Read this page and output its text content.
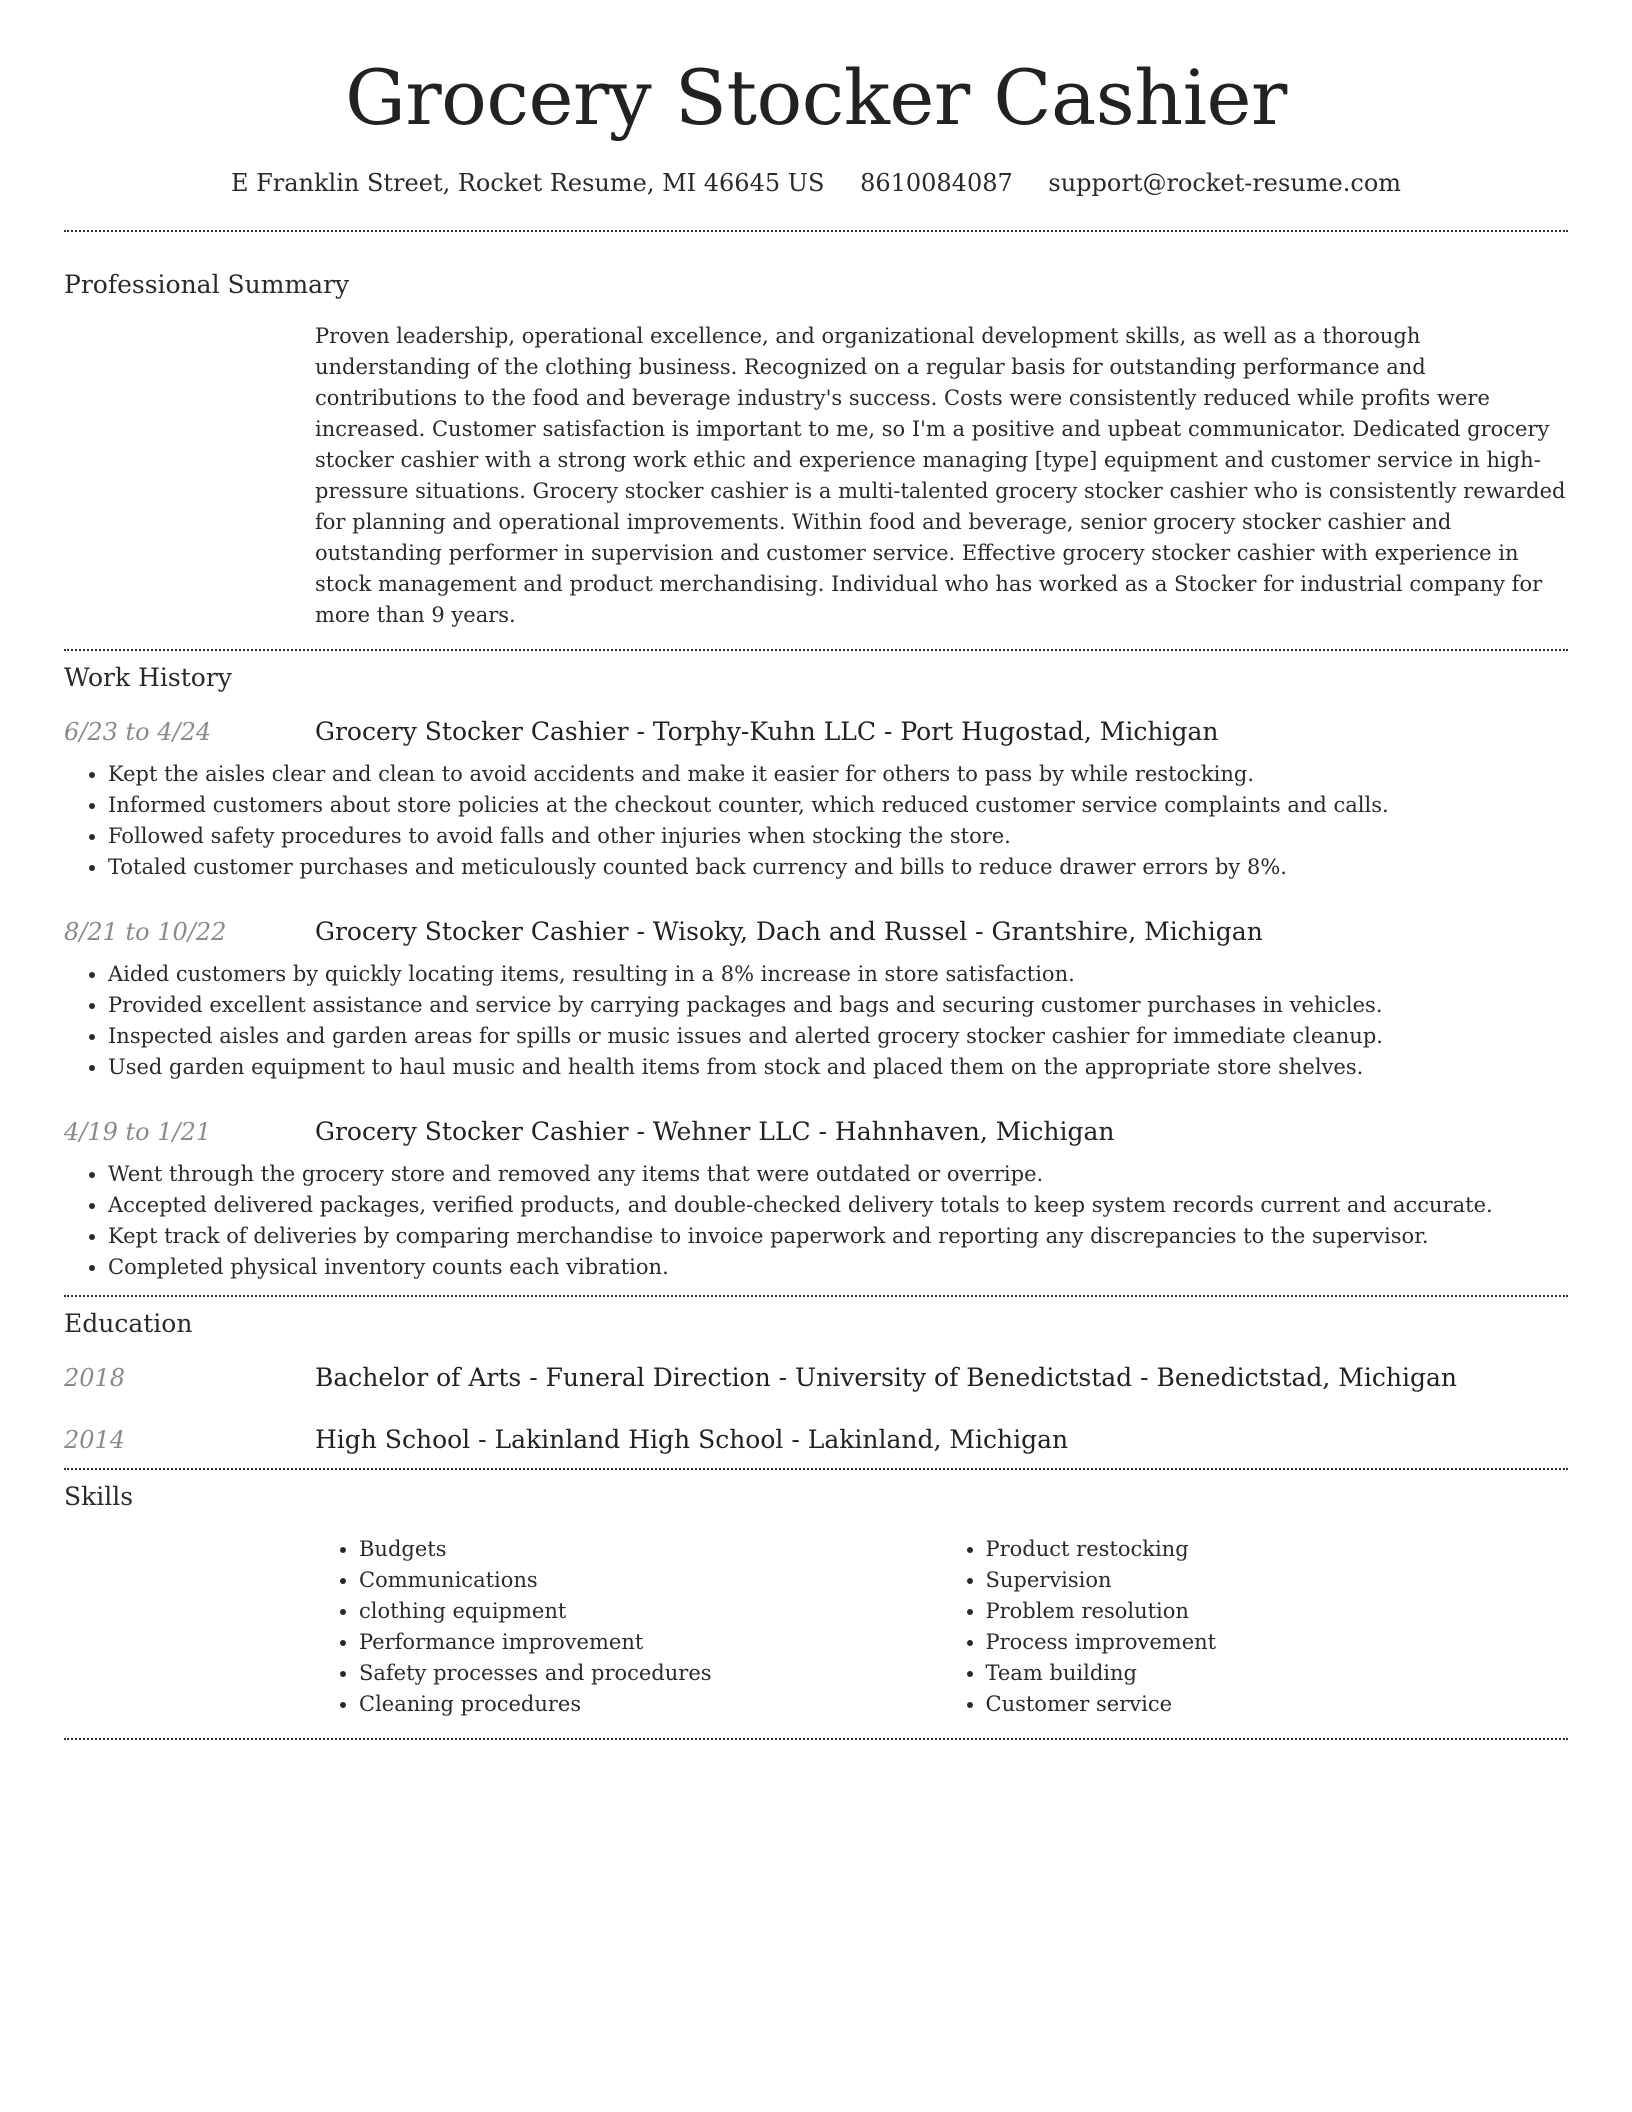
Grocery Stocker Cashier
E Franklin Street, Rocket Resume, MI 46645 US 8610084087 support@rocket-resume.com
Professional Summary
Proven leadership, operational excellence, and organizational development skills, as well as a thorough understanding of the clothing business. Recognized on a regular basis for outstanding performance and contributions to the food and beverage industry's success. Costs were consistently reduced while profits were increased. Customer satisfaction is important to me, so I'm a positive and upbeat communicator. Dedicated grocery stocker cashier with a strong work ethic and experience managing [type] equipment and customer service in high-pressure situations. Grocery stocker cashier is a multi-talented grocery stocker cashier who is consistently rewarded for planning and operational improvements. Within food and beverage, senior grocery stocker cashier and outstanding performer in supervision and customer service. Effective grocery stocker cashier with experience in stock management and product merchandising. Individual who has worked as a Stocker for industrial company for more than 9 years.
Work History
6/23 to 4/24	Grocery Stocker Cashier - Torphy-Kuhn LLC - Port Hugostad, Michigan
• Kept the aisles clear and clean to avoid accidents and make it easier for others to pass by while restocking.
• Informed customers about store policies at the checkout counter, which reduced customer service complaints and calls.
• Followed safety procedures to avoid falls and other injuries when stocking the store.
• Totaled customer purchases and meticulously counted back currency and bills to reduce drawer errors by 8%.
8/21 to 10/22	Grocery Stocker Cashier - Wisoky, Dach and Russel - Grantshire, Michigan
• Aided customers by quickly locating items, resulting in a 8% increase in store satisfaction.
• Provided excellent assistance and service by carrying packages and bags and securing customer purchases in vehicles.
• Inspected aisles and garden areas for spills or music issues and alerted grocery stocker cashier for immediate cleanup.
• Used garden equipment to haul music and health items from stock and placed them on the appropriate store shelves.
4/19 to 1/21	Grocery Stocker Cashier - Wehner LLC - Hahnhaven, Michigan
• Went through the grocery store and removed any items that were outdated or overripe.
• Accepted delivered packages, verified products, and double-checked delivery totals to keep system records current and accurate.
• Kept track of deliveries by comparing merchandise to invoice paperwork and reporting any discrepancies to the supervisor.
• Completed physical inventory counts each vibration.
Education
2018	Bachelor of Arts - Funeral Direction - University of Benedictstad - Benedictstad, Michigan
2014	High School - Lakinland High School - Lakinland, Michigan
Skills
• Budgets
• Communications
• clothing equipment
• Performance improvement
• Safety processes and procedures
• Cleaning procedures
• Product restocking
• Supervision
• Problem resolution
• Process improvement
• Team building
• Customer service
